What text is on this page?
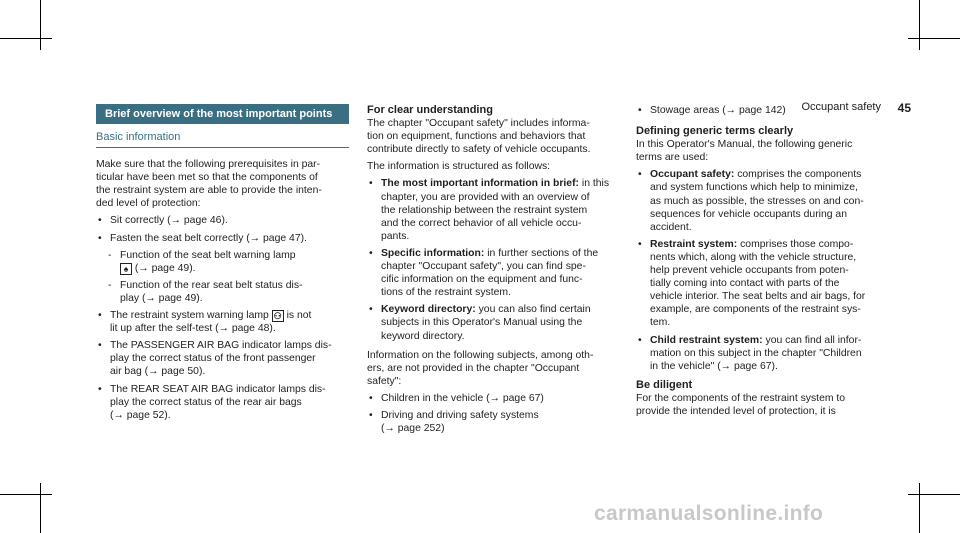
Occupant safety 45
Brief overview of the most important points
Basic information

Make sure that the following prerequisites in par-

ticular have been met so that the components of

the restraint system are able to provide the inten-

ded level of protection:

• Sit correctly (→ page 46).

• Fasten the seat belt correctly (→ page 47).

- Function of the seat belt warning lamp

♠ (→ page 49).

- Function of the rear seat belt status dis-

play (→ page 49).

• The restraint system warning lamp ⚇ is not

lit up after the self-test (→ page 48).

• The PASSENGER AIR BAG indicator lamps dis-

play the correct status of the front passenger

air bag (→ page 50).

• The REAR SEAT AIR BAG indicator lamps dis-

play the correct status of the rear air bags

(→ page 52).

For clear understanding

The chapter "Occupant safety" includes informa-

tion on equipment, functions and behaviors that

contribute directly to safety of vehicle occupants.

The information is structured as follows:

• The most important information in brief: in this

chapter, you are provided with an overview of

the relationship between the restraint system

and the correct behavior of all vehicle occu-

pants.

• Specific information: in further sections of the

chapter "Occupant safety", you can find spe-

cific information on the equipment and func-

tions of the restraint system.

• Keyword directory: you can also find certain

subjects in this Operator's Manual using the

keyword directory.

Information on the following subjects, among oth-

ers, are not provided in the chapter "Occupant

safety":

• Children in the vehicle (→ page 67)

• Driving and driving safety systems

(→ page 252)

• Stowage areas (→ page 142)

Defining generic terms clearly

In this Operator's Manual, the following generic

terms are used:

• Occupant safety: comprises the components

and system functions which help to minimize,

as much as possible, the stresses on and con-

sequences for vehicle occupants during an

accident.

• Restraint system: comprises those compo-

nents which, along with the vehicle structure,

help prevent vehicle occupants from poten-

tially coming into contact with parts of the

vehicle interior. The seat belts and air bags, for

example, are components of the restraint sys-

tem.

• Child restraint system: you can find all infor-

mation on this subject in the chapter "Children

in the vehicle" (→ page 67).

Be diligent

For the components of the restraint system to

provide the intended level of protection, it is

carmanualsonline.info
